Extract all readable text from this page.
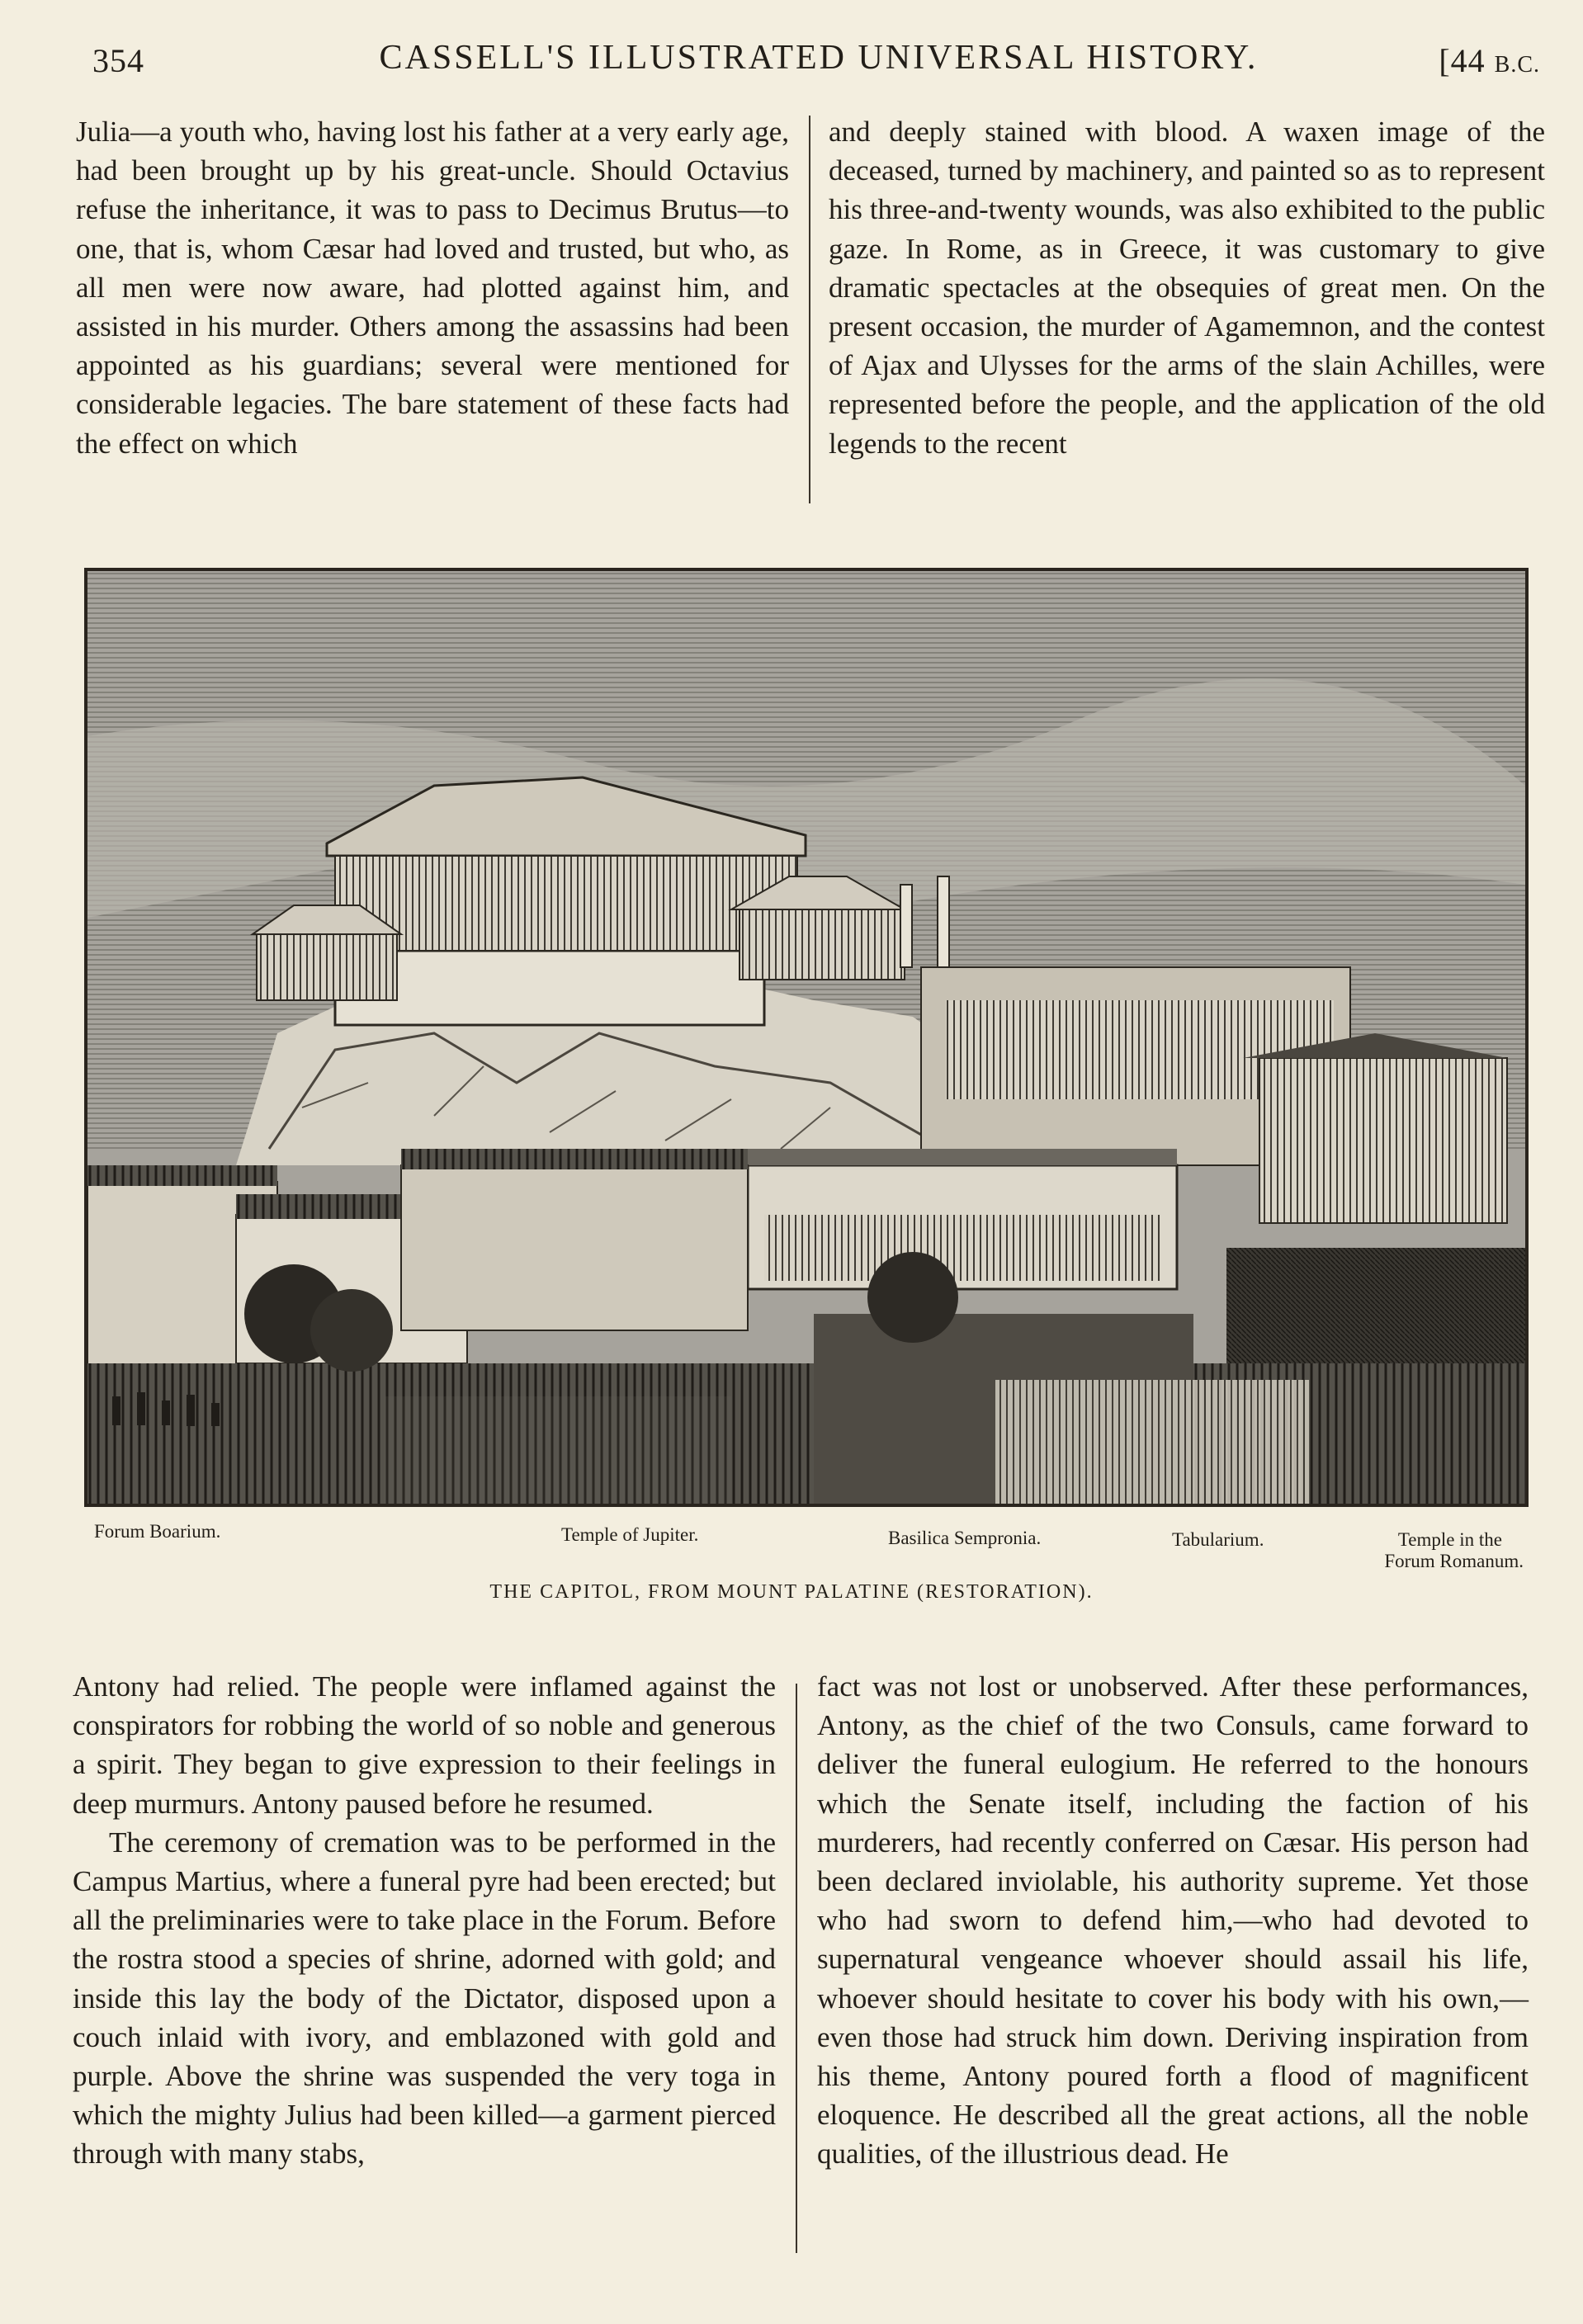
354	CASSELL'S ILLUSTRATED UNIVERSAL HISTORY.	[44 B.C.

Julia—a youth who, having lost his father at a very early age, had been brought up by his great-uncle. Should Octavius refuse the inheritance, it was to pass to Decimus Brutus—to one, that is, whom Cæsar had loved and trusted, but who, as all men were now aware, had plotted against him, and assisted in his murder. Others among the assassins had been appointed as his guardians; several were mentioned for considerable legacies. The bare statement of these facts had the effect on which

and deeply stained with blood. A waxen image of the deceased, turned by machinery, and painted so as to represent his three-and-twenty wounds, was also exhibited to the public gaze. In Rome, as in Greece, it was customary to give dramatic spectacles at the obsequies of great men. On the present occasion, the murder of Agamemnon, and the contest of Ajax and Ulysses for the arms of the slain Achilles, were represented before the people, and the application of the old legends to the recent

Forum Boarium.	Temple of Jupiter.	Basilica Sempronia.	Tabularium.	Temple in the
Forum Romanum.
THE CAPITOL, FROM MOUNT PALATINE (RESTORATION).

Antony had relied. The people were inflamed against the conspirators for robbing the world of so noble and generous a spirit. They began to give expression to their feelings in deep murmurs. Antony paused before he resumed.

The ceremony of cremation was to be performed in the Campus Martius, where a funeral pyre had been erected; but all the preliminaries were to take place in the Forum. Before the rostra stood a species of shrine, adorned with gold; and inside this lay the body of the Dictator, disposed upon a couch inlaid with ivory, and emblazoned with gold and purple. Above the shrine was suspended the very toga in which the mighty Julius had been killed—a garment pierced through with many stabs,

fact was not lost or unobserved. After these performances, Antony, as the chief of the two Consuls, came forward to deliver the funeral eulogium. He referred to the honours which the Senate itself, including the faction of his murderers, had recently conferred on Cæsar. His person had been declared inviolable, his authority supreme. Yet those who had sworn to defend him,—who had devoted to supernatural vengeance whoever should assail his life, whoever should hesitate to cover his body with his own,—even those had struck him down. Deriving inspiration from his theme, Antony poured forth a flood of magnificent eloquence. He described all the great actions, all the noble qualities, of the illustrious dead. He
